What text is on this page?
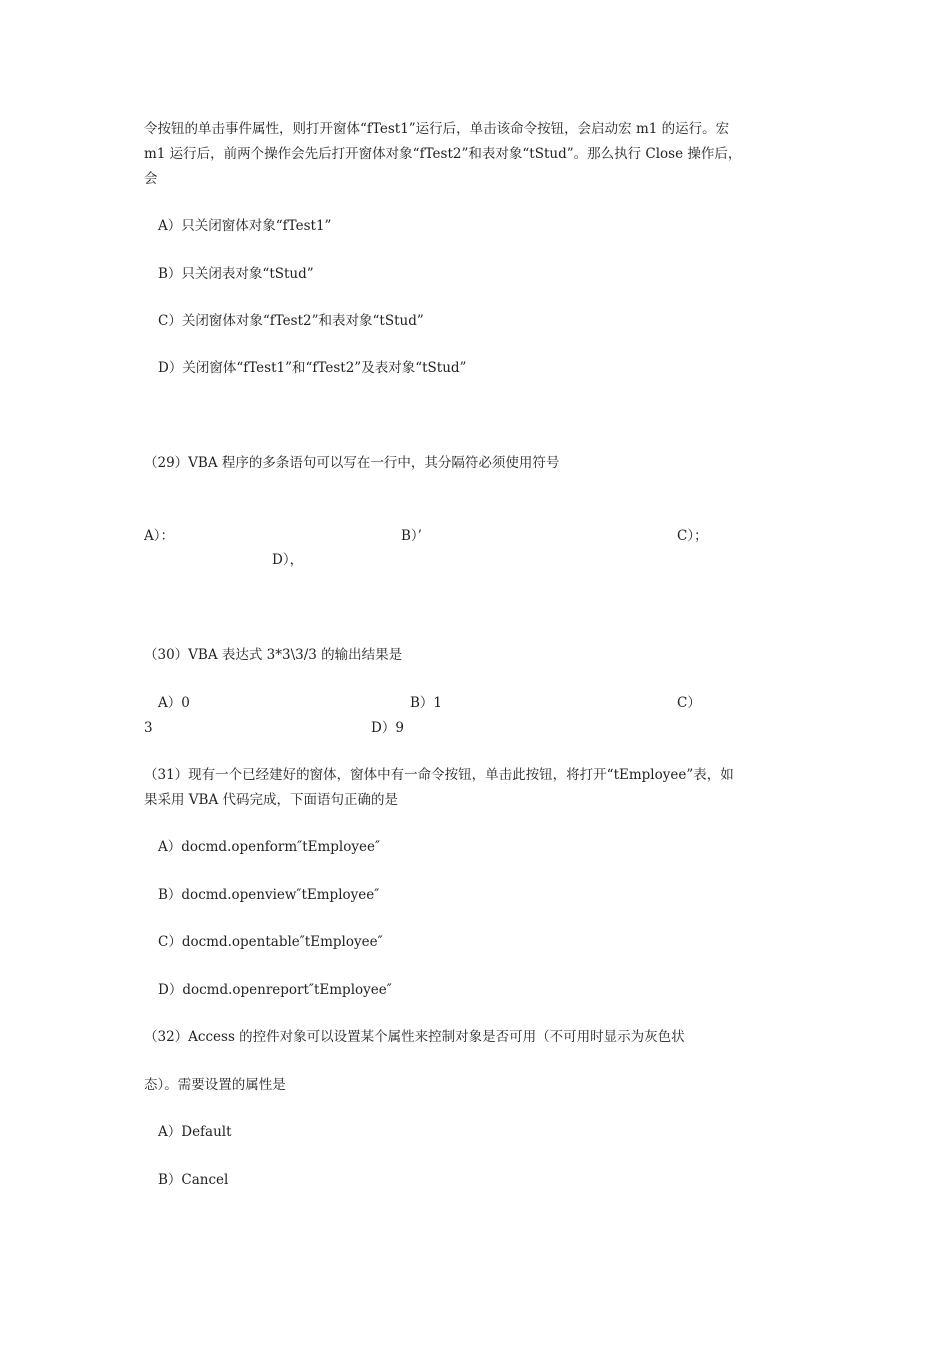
令按钮的单击事件属性，则打开窗体“fTest1”运行后，单击该命令按钮，会启动宏 m1 的运行。宏
m1 运行后，前两个操作会先后打开窗体对象“fTest2”和表对象“tStud”。那么执行 Close 操作后，
会
A）只关闭窗体对象“fTest1”
B）只关闭表对象“tStud”
C）关闭窗体对象“fTest2”和表对象“tStud”
D）关闭窗体“fTest1”和“fTest2”及表对象“tStud”
（29）VBA 程序的多条语句可以写在一行中，其分隔符必须使用符号
A）：	B）’	C）；
D），
（30）VBA 表达式 3*3\3/3 的输出结果是
A）0	B）1	C）
3	D）9
（31）现有一个已经建好的窗体，窗体中有一命令按钮，单击此按钮，将打开“tEmployee”表，如
果采用 VBA 代码完成，下面语句正确的是
A）docmd.openform″tEmployee″
B）docmd.openview″tEmployee″
C）docmd.opentable″tEmployee″
D）docmd.openreport″tEmployee″
（32）Access 的控件对象可以设置某个属性来控制对象是否可用（不可用时显示为灰色状
态）。需要设置的属性是
A）Default
B）Cancel
